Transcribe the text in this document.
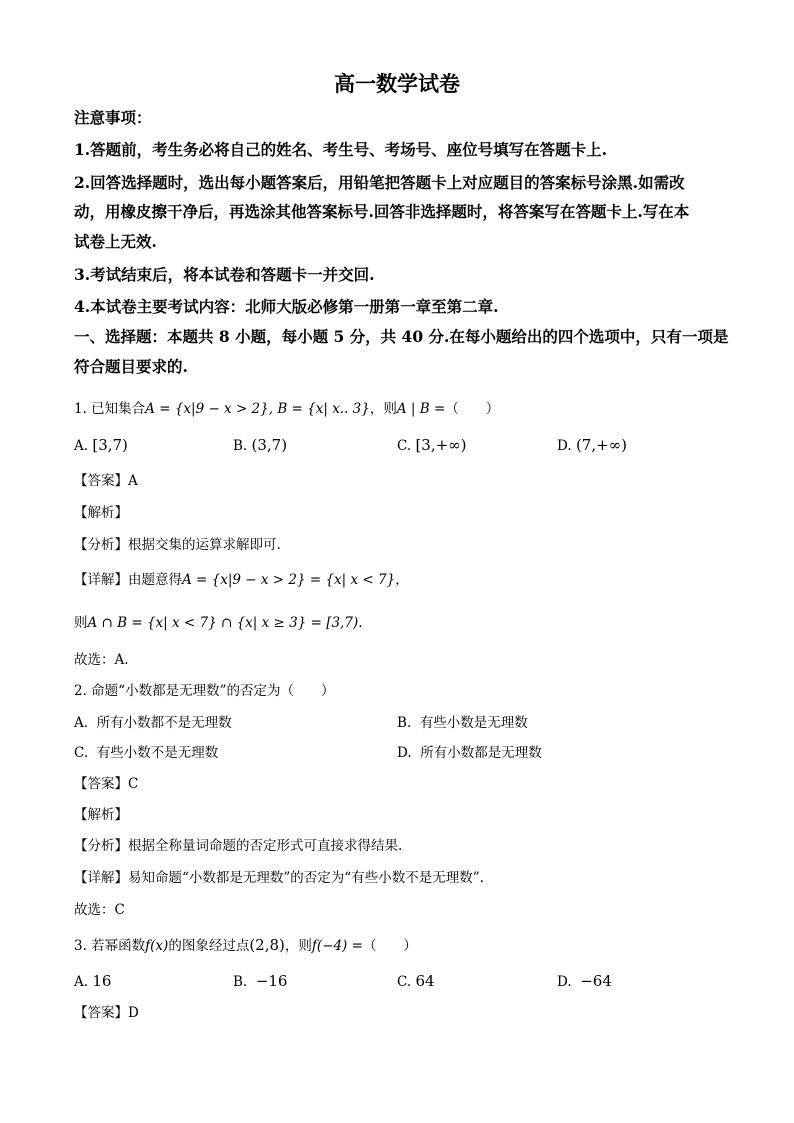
高一数学试卷
注意事项：
1.答题前，考生务必将自己的姓名、考生号、考场号、座位号填写在答题卡上.
2.回答选择题时，选出每小题答案后，用铅笔把答题卡上对应题目的答案标号涂黑.如需改
动，用橡皮擦干净后，再选涂其他答案标号.回答非选择题时，将答案写在答题卡上.写在本
试卷上无效.
3.考试结束后，将本试卷和答题卡一并交回.
4.本试卷主要考试内容：北师大版必修第一册第一章至第二章.
一、选择题：本题共 8 小题，每小题 5 分，共 40 分.在每小题给出的四个选项中，只有一项是
符合题目要求的.
1. 已知集合A = {x|9 − x > 2}, B = {x| x.. 3}，则A | B =（　　）
A. [3,7)	B. (3,7)	C. [3,+∞)	D. (7,+∞)
【答案】A
【解析】
【分析】根据交集的运算求解即可.
【详解】由题意得A = {x|9 − x > 2} = {x| x < 7}，
则A ∩ B = {x| x < 7} ∩ {x| x ≥ 3} = [3,7).
故选：A.
2. 命题“小数都是无理数”的否定为（　　）
A. 所有小数都不是无理数	B. 有些小数是无理数
C. 有些小数不是无理数	D. 所有小数都是无理数
【答案】C
【解析】
【分析】根据全称量词命题的否定形式可直接求得结果.
【详解】易知命题“小数都是无理数”的否定为“有些小数不是无理数”.
故选：C
3. 若幂函数f(x)的图象经过点(2,8)，则f(−4) =（　　）
A. 16	B. −16	C. 64	D. −64
【答案】D
